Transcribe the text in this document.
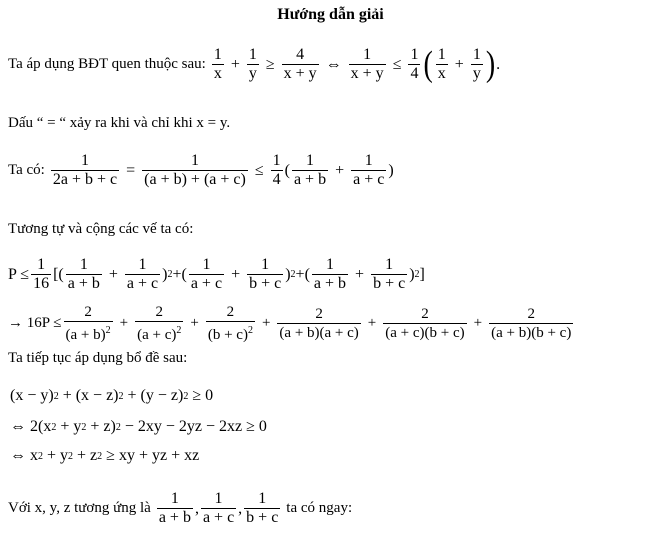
Hướng dẫn giải
Ta áp dụng BĐT quen thuộc sau:
$\frac{1}{x} + \frac{1}{y} \ge \frac{4}{x + y}$ ⇔ $\frac{1}{x + y} \le \frac{1}{4}$ ( $\frac{1}{x} + \frac{1}{y}$ ) .
Dấu “ = “ xảy ra khi và chỉ khi x = y.
Ta có:
$\frac{1}{2a + b + c} = \frac{1}{(a + b) + (a + c)} \le \frac{1}{4}$ ( $\frac{1}{a + b} + \frac{1}{a + c}$ )
Tương tự và cộng các vế ta có:
$P \le \frac{1}{16}$ [( $\frac{1}{a + b} + \frac{1}{a + c}$ ) 2 +( $\frac{1}{a + c} + \frac{1}{b + c}$ ) 2 +( $\frac{1}{a + b} + \frac{1}{b + c}$ ) 2 ]
→ $16P \le \frac{2}{(a + b)^2} + \frac{2}{(a + c)^2} + \frac{2}{(b + c)^2} + \frac{2}{(a + b)(a + c)} + \frac{2}{(a + c)(b + c)} + \frac{2}{(a + b)(b + c)}$
Ta tiếp tục áp dụng bổ đề sau:
(x − y) 2 + (x − z) 2 + (y − z) 2 ≥ 0
⇔ 2(x 2 + y 2 + z) 2 − 2xy − 2yz − 2xz ≥ 0
⇔ x 2 + y 2 + z 2 ≥ xy + yz + xz
Với x, y, z tương ứng là
$\frac{1}{a + b}$ , $\frac{1}{a + c}$ , $\frac{1}{b + c}$
ta có ngay:
